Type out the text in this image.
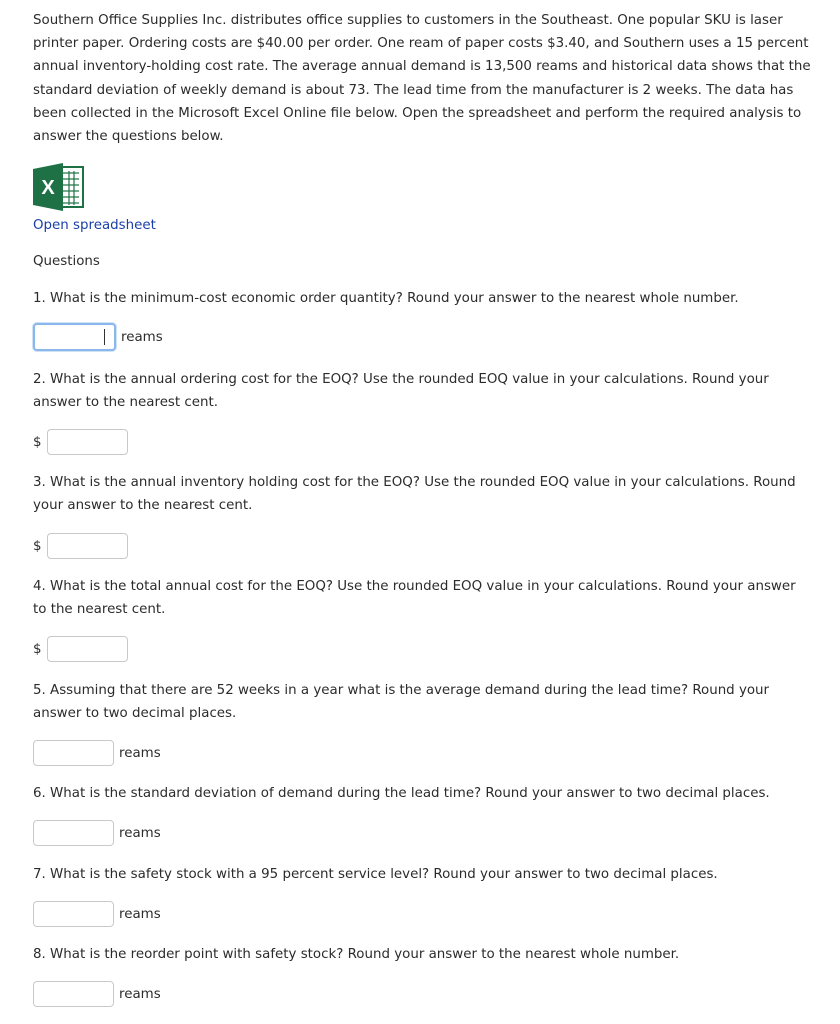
Southern Office Supplies Inc. distributes office supplies to customers in the Southeast. One popular SKU is laser printer paper. Ordering costs are $40.00 per order. One ream of paper costs $3.40, and Southern uses a 15 percent annual inventory-holding cost rate. The average annual demand is 13,500 reams and historical data shows that the standard deviation of weekly demand is about 73. The lead time from the manufacturer is 2 weeks. The data has been collected in the Microsoft Excel Online file below. Open the spreadsheet and perform the required analysis to answer the questions below.

X
Open spreadsheet
Questions

1. What is the minimum-cost economic order quantity? Round your answer to the nearest whole number.

reams

2. What is the annual ordering cost for the EOQ? Use the rounded EOQ value in your calculations. Round your answer to the nearest cent.

$

3. What is the annual inventory holding cost for the EOQ? Use the rounded EOQ value in your calculations. Round your answer to the nearest cent.

$

4. What is the total annual cost for the EOQ? Use the rounded EOQ value in your calculations. Round your answer to the nearest cent.

$

5. Assuming that there are 52 weeks in a year what is the average demand during the lead time? Round your answer to two decimal places.

reams

6. What is the standard deviation of demand during the lead time? Round your answer to two decimal places.

reams

7. What is the safety stock with a 95 percent service level? Round your answer to two decimal places.

reams

8. What is the reorder point with safety stock? Round your answer to the nearest whole number.

reams
